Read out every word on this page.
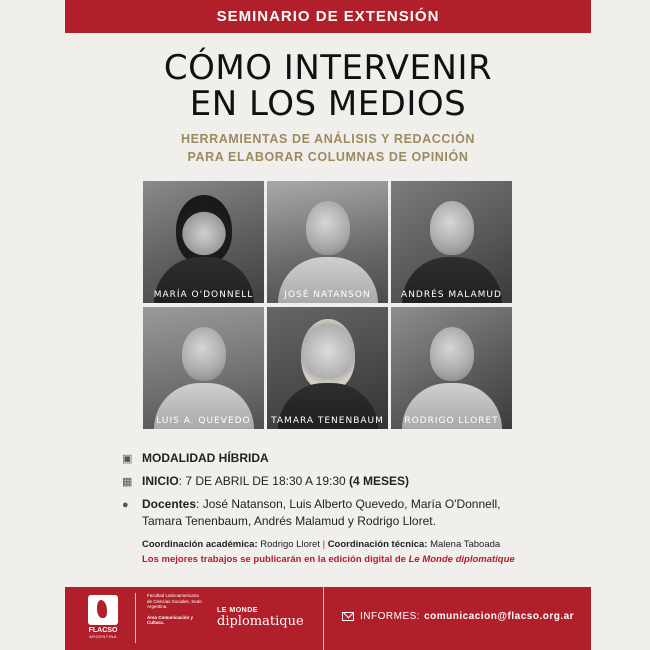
SEMINARIO DE EXTENSIÓN
CÓMO INTERVENIR
EN LOS MEDIOS
HERRAMIENTAS DE ANÁLISIS Y REDACCIÓN
PARA ELABORAR COLUMNAS DE OPINIÓN
MARÍA O'DONNELL	JOSÉ NATANSON	ANDRÉS MALAMUD
LUIS A. QUEVEDO	TAMARA TENENBAUM	RODRIGO LLORET
▣ MODALIDAD HÍBRIDA
▦ INICIO: 7 DE ABRIL DE 18:30 A 19:30 (4 MESES)
●	Docentes: José Natanson, Luis Alberto Quevedo, María O'Donnell, Tamara Tenenbaum, Andrés Malamud y Rodrigo Lloret.
Coordinación académica: Rodrigo Lloret | Coordinación técnica: Malena Taboada
Los mejores trabajos se publicarán en la edición digital de Le Monde diplomatique
FLACSO
ARGENTINA
Facultad Latinoamericana de Ciencias Sociales. Sede Argentina.
Área Comunicación y Cultura.
LE MONDE
diplomatique	INFORMES: comunicacion@flacso.org.ar
